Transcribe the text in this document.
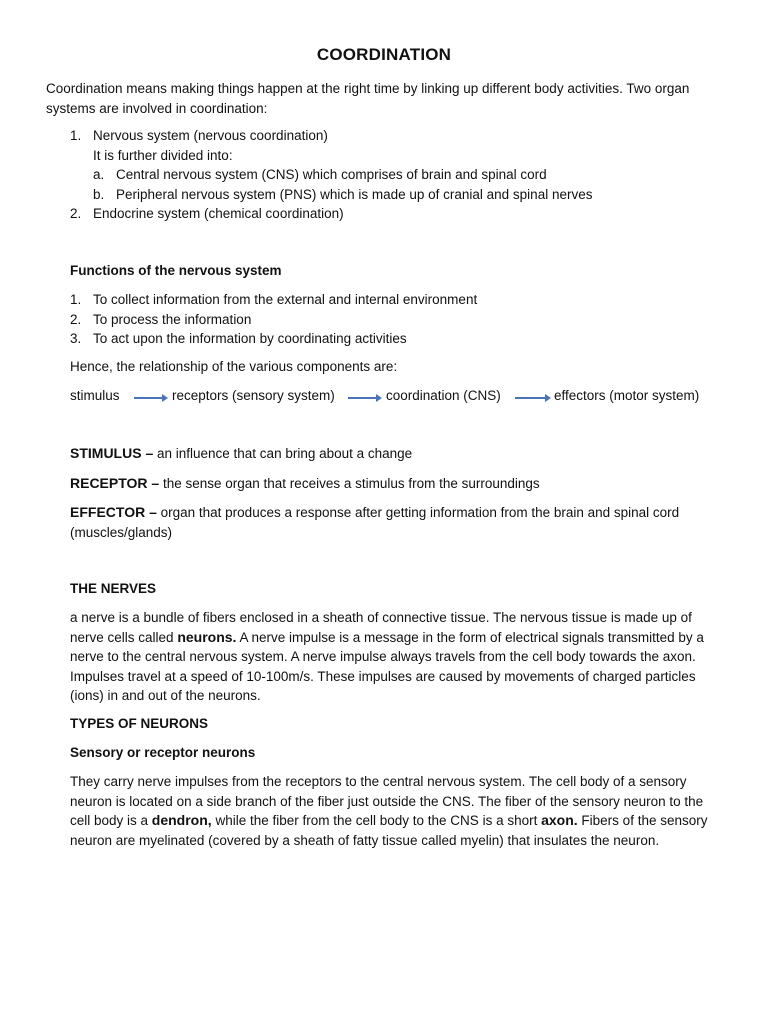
COORDINATION
Coordination means making things happen at the right time by linking up different body activities. Two organ systems are involved in coordination:
1. Nervous system (nervous coordination)
It is further divided into:
a. Central nervous system (CNS) which comprises of brain and spinal cord
b. Peripheral nervous system (PNS) which is made up of cranial and spinal nerves
2. Endocrine system (chemical coordination)
Functions of the nervous system
1. To collect information from the external and internal environment
2. To process the information
3. To act upon the information by coordinating activities
Hence, the relationship of the various components are:
stimulus	receptors (sensory system)	coordination (CNS)	effectors (motor system)
STIMULUS – an influence that can bring about a change
RECEPTOR – the sense organ that receives a stimulus from the surroundings
EFFECTOR – organ that produces a response after getting information from the brain and spinal cord (muscles/glands)
THE NERVES

a nerve is a bundle of fibers enclosed in a sheath of connective tissue. The nervous tissue is made up of nerve cells called neurons. A nerve impulse is a message in the form of electrical signals transmitted by a nerve to the central nervous system. A nerve impulse always travels from the cell body towards the axon. Impulses travel at a speed of 10-100m/s. These impulses are caused by movements of charged particles (ions) in and out of the neurons.

TYPES OF NEURONS
Sensory or receptor neurons

They carry nerve impulses from the receptors to the central nervous system. The cell body of a sensory neuron is located on a side branch of the fiber just outside the CNS. The fiber of the sensory neuron to the cell body is a dendron, while the fiber from the cell body to the CNS is a short axon. Fibers of the sensory neuron are myelinated (covered by a sheath of fatty tissue called myelin) that insulates the neuron.
